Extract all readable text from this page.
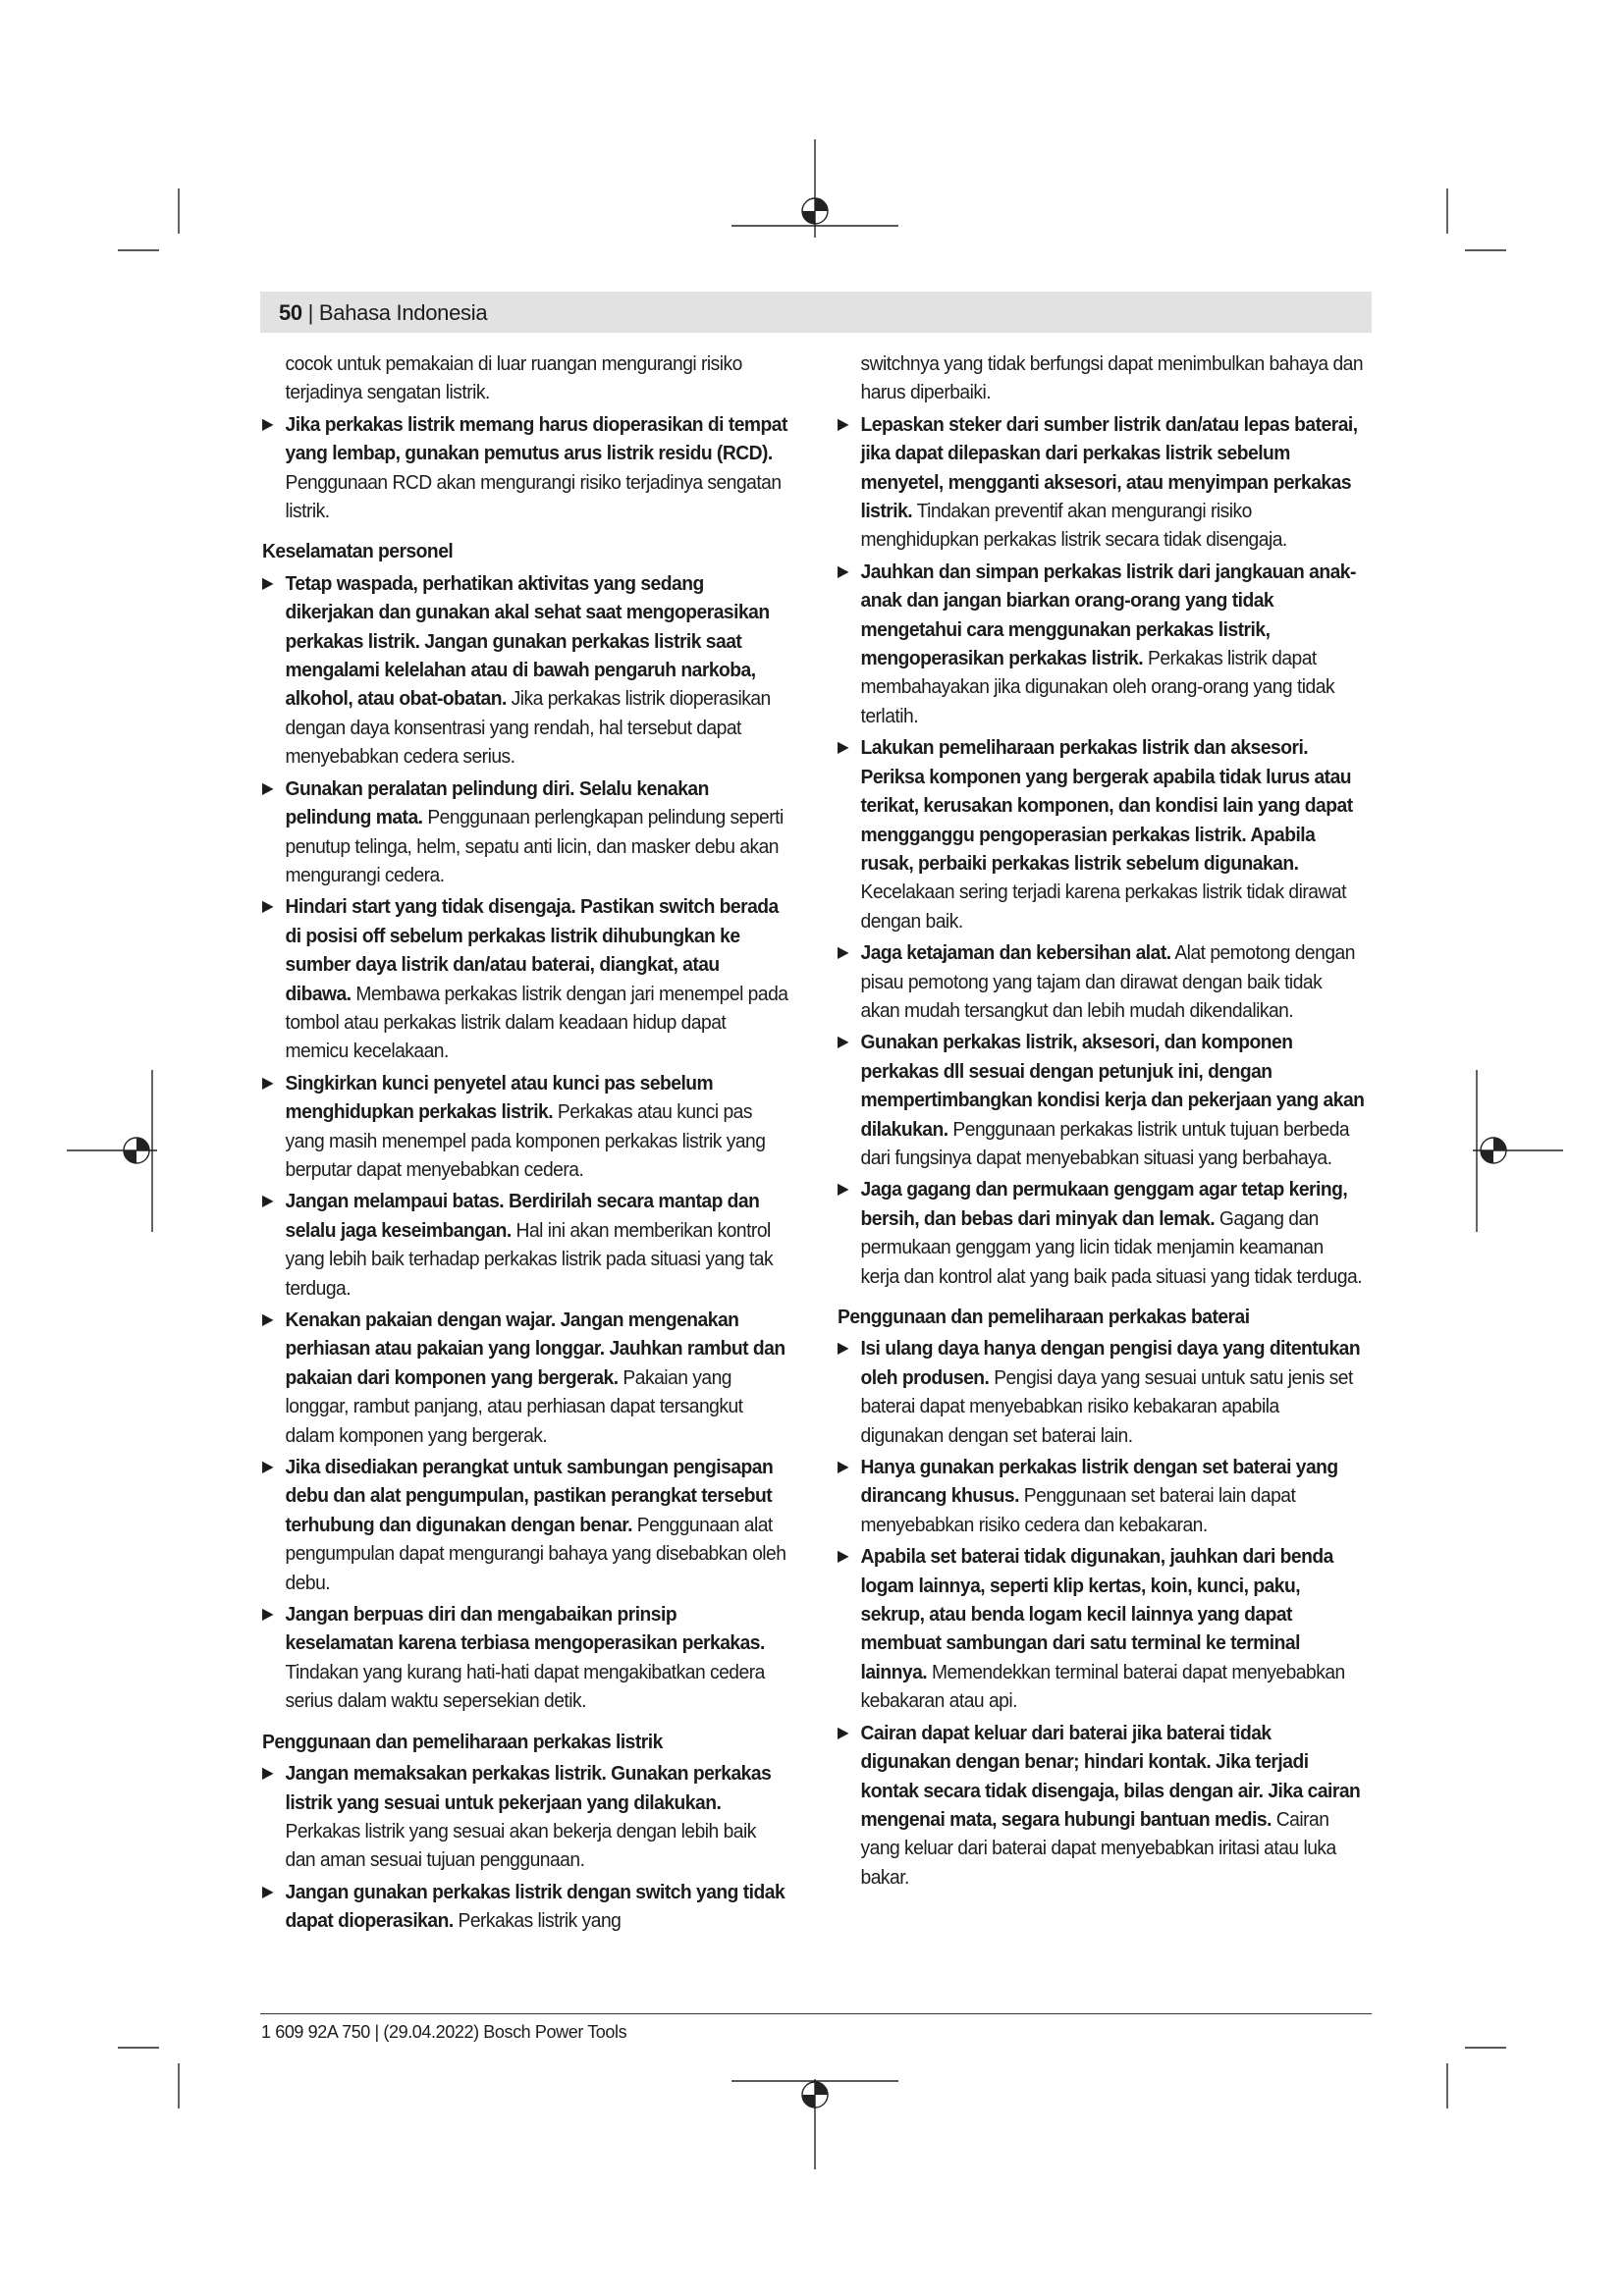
50 | Bahasa Indonesia
cocok untuk pemakaian di luar ruangan mengurangi risiko terjadinya sengatan listrik.
▶ Jika perkakas listrik memang harus dioperasikan di tempat yang lembap, gunakan pemutus arus listrik residu (RCD). Penggunaan RCD akan mengurangi risiko terjadinya sengatan listrik.
Keselamatan personel
▶ Tetap waspada, perhatikan aktivitas yang sedang dikerjakan dan gunakan akal sehat saat mengoperasikan perkakas listrik. Jangan gunakan perkakas listrik saat mengalami kelelahan atau di bawah pengaruh narkoba, alkohol, atau obat-obatan. Jika perkakas listrik dioperasikan dengan daya konsentrasi yang rendah, hal tersebut dapat menyebabkan cedera serius.
▶ Gunakan peralatan pelindung diri. Selalu kenakan pelindung mata. Penggunaan perlengkapan pelindung seperti penutup telinga, helm, sepatu anti licin, dan masker debu akan mengurangi cedera.
▶ Hindari start yang tidak disengaja. Pastikan switch berada di posisi off sebelum perkakas listrik dihubungkan ke sumber daya listrik dan/atau baterai, diangkat, atau dibawa. Membawa perkakas listrik dengan jari menempel pada tombol atau perkakas listrik dalam keadaan hidup dapat memicu kecelakaan.
▶ Singkirkan kunci penyetel atau kunci pas sebelum menghidupkan perkakas listrik. Perkakas atau kunci pas yang masih menempel pada komponen perkakas listrik yang berputar dapat menyebabkan cedera.
▶ Jangan melampaui batas. Berdirilah secara mantap dan selalu jaga keseimbangan. Hal ini akan memberikan kontrol yang lebih baik terhadap perkakas listrik pada situasi yang tak terduga.
▶ Kenakan pakaian dengan wajar. Jangan mengenakan perhiasan atau pakaian yang longgar. Jauhkan rambut dan pakaian dari komponen yang bergerak. Pakaian yang longgar, rambut panjang, atau perhiasan dapat tersangkut dalam komponen yang bergerak.
▶ Jika disediakan perangkat untuk sambungan pengisapan debu dan alat pengumpulan, pastikan perangkat tersebut terhubung dan digunakan dengan benar. Penggunaan alat pengumpulan dapat mengurangi bahaya yang disebabkan oleh debu.
▶ Jangan berpuas diri dan mengabaikan prinsip keselamatan karena terbiasa mengoperasikan perkakas. Tindakan yang kurang hati-hati dapat mengakibatkan cedera serius dalam waktu sepersekian detik.
Penggunaan dan pemeliharaan perkakas listrik
▶ Jangan memaksakan perkakas listrik. Gunakan perkakas listrik yang sesuai untuk pekerjaan yang dilakukan. Perkakas listrik yang sesuai akan bekerja dengan lebih baik dan aman sesuai tujuan penggunaan.
▶ Jangan gunakan perkakas listrik dengan switch yang tidak dapat dioperasikan. Perkakas listrik yang
switchnya yang tidak berfungsi dapat menimbulkan bahaya dan harus diperbaiki.
▶ Lepaskan steker dari sumber listrik dan/atau lepas baterai, jika dapat dilepaskan dari perkakas listrik sebelum menyetel, mengganti aksesori, atau menyimpan perkakas listrik. Tindakan preventif akan mengurangi risiko menghidupkan perkakas listrik secara tidak disengaja.
▶ Jauhkan dan simpan perkakas listrik dari jangkauan anak-anak dan jangan biarkan orang-orang yang tidak mengetahui cara menggunakan perkakas listrik, mengoperasikan perkakas listrik. Perkakas listrik dapat membahayakan jika digunakan oleh orang-orang yang tidak terlatih.
▶ Lakukan pemeliharaan perkakas listrik dan aksesori. Periksa komponen yang bergerak apabila tidak lurus atau terikat, kerusakan komponen, dan kondisi lain yang dapat mengganggu pengoperasian perkakas listrik. Apabila rusak, perbaiki perkakas listrik sebelum digunakan. Kecelakaan sering terjadi karena perkakas listrik tidak dirawat dengan baik.
▶ Jaga ketajaman dan kebersihan alat. Alat pemotong dengan pisau pemotong yang tajam dan dirawat dengan baik tidak akan mudah tersangkut dan lebih mudah dikendalikan.
▶ Gunakan perkakas listrik, aksesori, dan komponen perkakas dll sesuai dengan petunjuk ini, dengan mempertimbangkan kondisi kerja dan pekerjaan yang akan dilakukan. Penggunaan perkakas listrik untuk tujuan berbeda dari fungsinya dapat menyebabkan situasi yang berbahaya.
▶ Jaga gagang dan permukaan genggam agar tetap kering, bersih, dan bebas dari minyak dan lemak. Gagang dan permukaan genggam yang licin tidak menjamin keamanan kerja dan kontrol alat yang baik pada situasi yang tidak terduga.
Penggunaan dan pemeliharaan perkakas baterai
▶ Isi ulang daya hanya dengan pengisi daya yang ditentukan oleh produsen. Pengisi daya yang sesuai untuk satu jenis set baterai dapat menyebabkan risiko kebakaran apabila digunakan dengan set baterai lain.
▶ Hanya gunakan perkakas listrik dengan set baterai yang dirancang khusus. Penggunaan set baterai lain dapat menyebabkan risiko cedera dan kebakaran.
▶ Apabila set baterai tidak digunakan, jauhkan dari benda logam lainnya, seperti klip kertas, koin, kunci, paku, sekrup, atau benda logam kecil lainnya yang dapat membuat sambungan dari satu terminal ke terminal lainnya. Memendekkan terminal baterai dapat menyebabkan kebakaran atau api.
▶ Cairan dapat keluar dari baterai jika baterai tidak digunakan dengan benar; hindari kontak. Jika terjadi kontak secara tidak disengaja, bilas dengan air. Jika cairan mengenai mata, segara hubungi bantuan medis. Cairan yang keluar dari baterai dapat menyebabkan iritasi atau luka bakar.
1 609 92A 750 | (29.04.2022) Bosch Power Tools
